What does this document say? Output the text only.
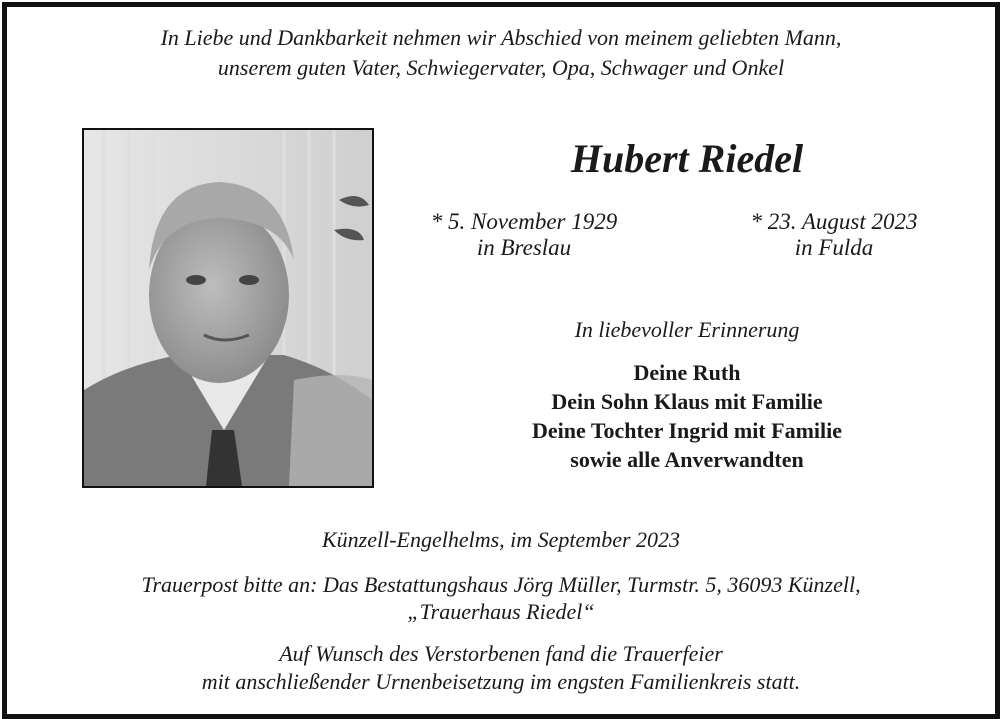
In Liebe und Dankbarkeit nehmen wir Abschied von meinem geliebten Mann,
unserem guten Vater, Schwiegervater, Opa, Schwager und Onkel
Hubert Riedel
* 5. November 1929
in Breslau
* 23. August 2023
in Fulda
In liebevoller Erinnerung
Deine Ruth
Dein Sohn Klaus mit Familie
Deine Tochter Ingrid mit Familie
sowie alle Anverwandten
Künzell-Engelhelms, im September 2023
Trauerpost bitte an: Das Bestattungshaus Jörg Müller, Turmstr. 5, 36093 Künzell,
„Trauerhaus Riedel“
Auf Wunsch des Verstorbenen fand die Trauerfeier
mit anschließender Urnenbeisetzung im engsten Familienkreis statt.
